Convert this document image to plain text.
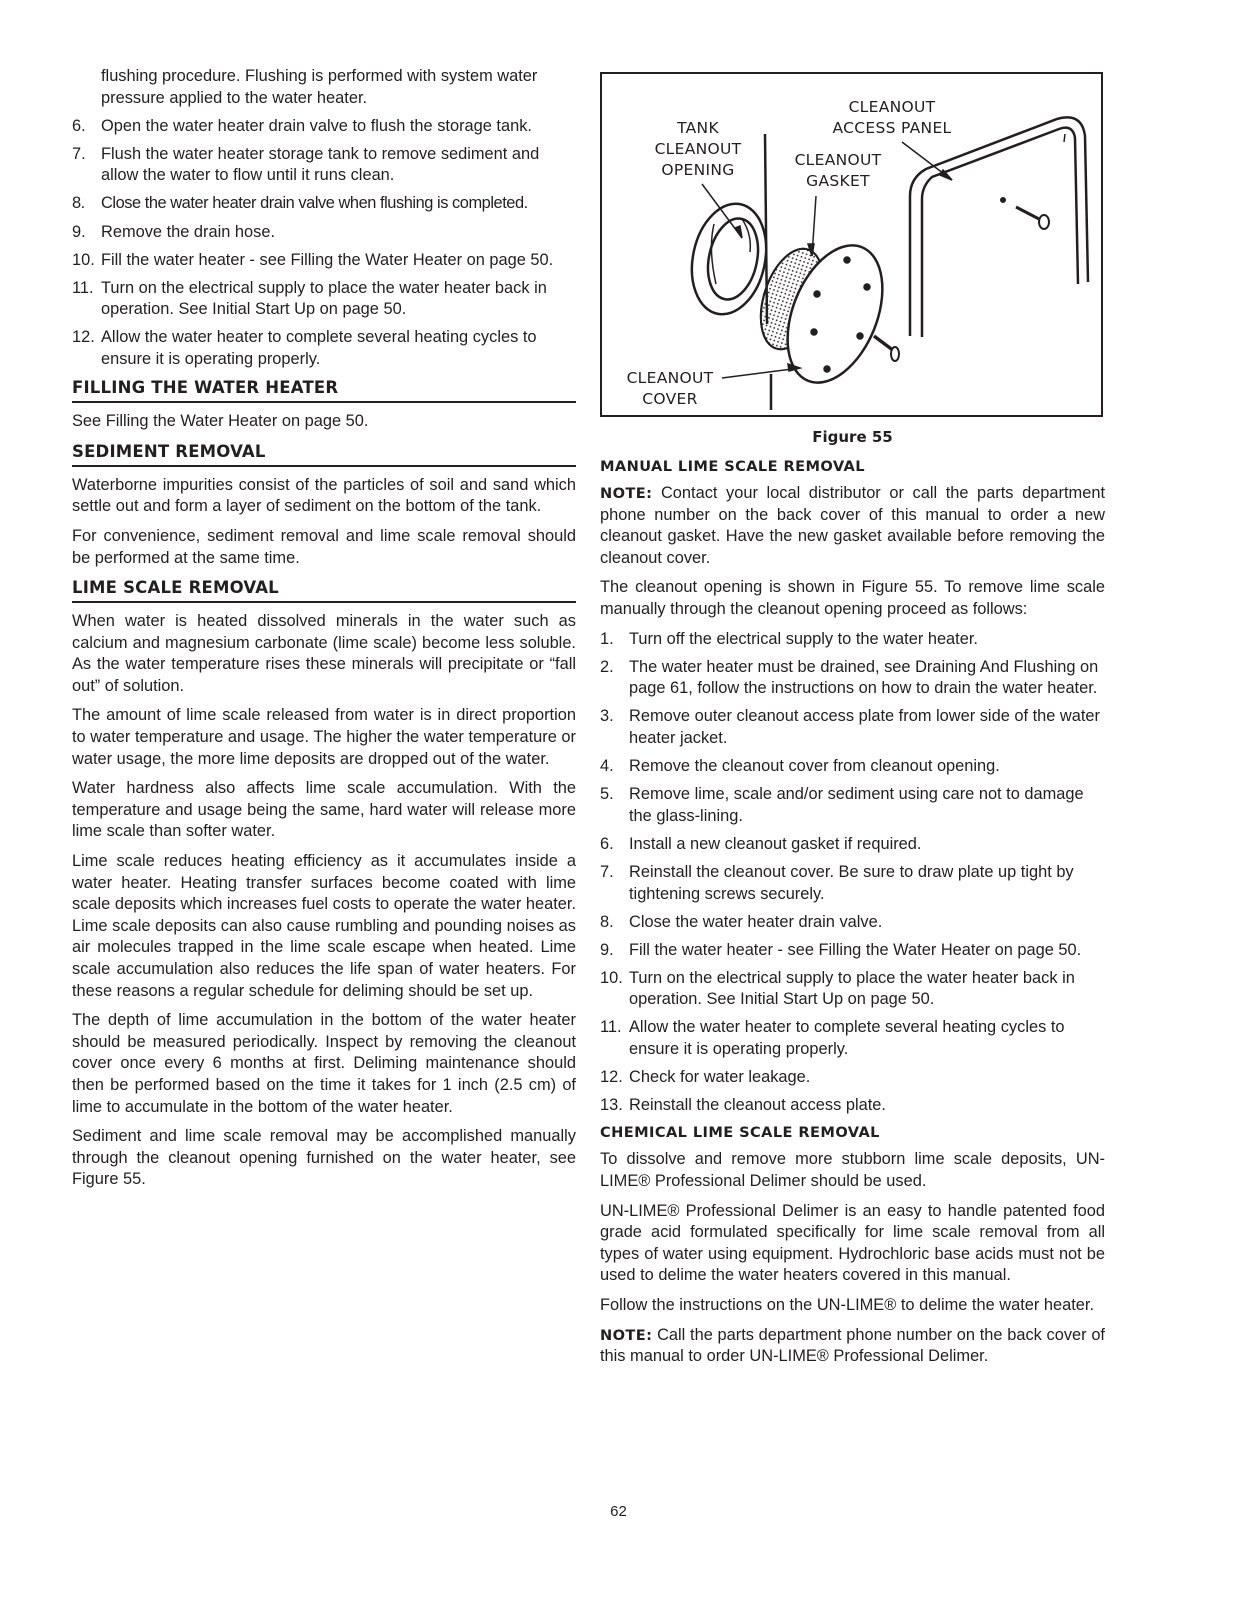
flushing procedure. Flushing is performed with system water pressure applied to the water heater.
6. Open the water heater drain valve to flush the storage tank.
7. Flush the water heater storage tank to remove sediment and allow the water to flow until it runs clean.
8. Close the water heater drain valve when flushing is completed.
9. Remove the drain hose.
10. Fill the water heater - see Filling the Water Heater on page 50.
11. Turn on the electrical supply to place the water heater back in operation. See Initial Start Up on page 50.
12. Allow the water heater to complete several heating cycles to ensure it is operating properly.
FILLING THE WATER HEATER

See Filling the Water Heater on page 50.

SEDIMENT REMOVAL

Waterborne impurities consist of the particles of soil and sand which settle out and form a layer of sediment on the bottom of the tank.

For convenience, sediment removal and lime scale removal should be performed at the same time.

LIME SCALE REMOVAL

When water is heated dissolved minerals in the water such as calcium and magnesium carbonate (lime scale) become less soluble. As the water temperature rises these minerals will precipitate or “fall out” of solution.

The amount of lime scale released from water is in direct proportion to water temperature and usage. The higher the water temperature or water usage, the more lime deposits are dropped out of the water.

Water hardness also affects lime scale accumulation. With the temperature and usage being the same, hard water will release more lime scale than softer water.

Lime scale reduces heating efficiency as it accumulates inside a water heater. Heating transfer surfaces become coated with lime scale deposits which increases fuel costs to operate the water heater. Lime scale deposits can also cause rumbling and pounding noises as air molecules trapped in the lime scale escape when heated. Lime scale accumulation also reduces the life span of water heaters. For these reasons a regular schedule for deliming should be set up.

The depth of lime accumulation in the bottom of the water heater should be measured periodically. Inspect by removing the cleanout cover once every 6 months at first. Deliming maintenance should then be performed based on the time it takes for 1 inch (2.5 cm) of lime to accumulate in the bottom of the water heater.

Sediment and lime scale removal may be accomplished manually through the cleanout opening furnished on the water heater, see Figure 55.

TANK
CLEANOUT
OPENING
CLEANOUT
ACCESS PANEL
CLEANOUT
GASKET
CLEANOUT
COVER
Figure 55
MANUAL LIME SCALE REMOVAL

NOTE: Contact your local distributor or call the parts department phone number on the back cover of this manual to order a new cleanout gasket. Have the new gasket available before removing the cleanout cover.

The cleanout opening is shown in Figure 55. To remove lime scale manually through the cleanout opening proceed as follows:

1. Turn off the electrical supply to the water heater.
2. The water heater must be drained, see Draining And Flushing on page 61, follow the instructions on how to drain the water heater.
3. Remove outer cleanout access plate from lower side of the water heater jacket.
4. Remove the cleanout cover from cleanout opening.
5. Remove lime, scale and/or sediment using care not to damage the glass-lining.
6. Install a new cleanout gasket if required.
7. Reinstall the cleanout cover. Be sure to draw plate up tight by tightening screws securely.
8. Close the water heater drain valve.
9. Fill the water heater - see Filling the Water Heater on page 50.
10. Turn on the electrical supply to place the water heater back in operation. See Initial Start Up on page 50.
11. Allow the water heater to complete several heating cycles to ensure it is operating properly.
12. Check for water leakage.
13. Reinstall the cleanout access plate.
CHEMICAL LIME SCALE REMOVAL

To dissolve and remove more stubborn lime scale deposits, UN-LIME® Professional Delimer should be used.

UN-LIME® Professional Delimer is an easy to handle patented food grade acid formulated specifically for lime scale removal from all types of water using equipment. Hydrochloric base acids must not be used to delime the water heaters covered in this manual.

Follow the instructions on the UN-LIME® to delime the water heater.

NOTE: Call the parts department phone number on the back cover of this manual to order UN-LIME® Professional Delimer.

62
